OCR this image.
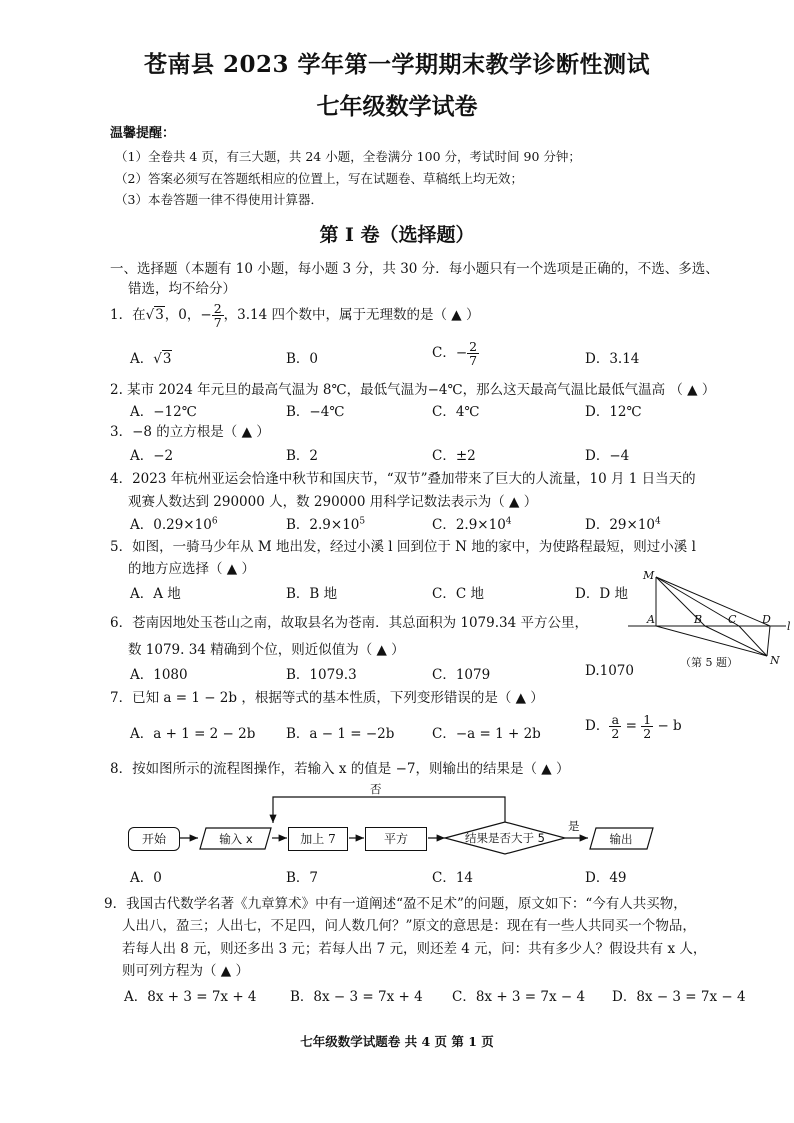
苍南县 2023 学年第一学期期末教学诊断性测试
七年级数学试卷
温馨提醒：
（1）全卷共 4 页，有三大题，共 24 小题，全卷满分 100 分，考试时间 90 分钟；
（2）答案必须写在答题纸相应的位置上，写在试题卷、草稿纸上均无效；
（3）本卷答题一律不得使用计算器．
第 Ⅰ 卷（选择题）
一、选择题（本题有 10 小题，每小题 3 分，共 30 分．每小题只有一个选项是正确的，不选、多选、
错选，均不给分）
1．在√3，0，− $\frac{2}{7}$ ，3.14 四个数中，属于无理数的是（ ▲ ）
A．√3	B．0	C．− $\frac{2}{7}$	D．3.14
2. 某市 2024 年元旦的最高气温为 8℃，最低气温为−4℃，那么这天最高气温比最低气温高 （ ▲ ）
A．−12℃	B．−4℃	C．4℃	D．12℃
3．−8 的立方根是（ ▲ ）
A．−2	B．2	C．±2	D．−4
4．2023 年杭州亚运会恰逢中秋节和国庆节，“双节”叠加带来了巨大的人流量，10 月 1 日当天的
观赛人数达到 290000 人，数 290000 用科学记数法表示为（ ▲ ）
A．$0.29\times 10^6$	B．$2.9\times 10^5$	C．$2.9\times 10^4$	D．$29\times 10^4$
5．如图，一骑马少年从 M 地出发，经过小溪 l 回到位于 N 地的家中，为使路程最短，则过小溪 l
的地方应选择（ ▲ ）
A．A 地	B．B 地	C．C 地	D．D 地
M
A	B C D
l
N
（第 5 题）
6．苍南因地处玉苍山之南，故取县名为苍南．其总面积为 1079.34 平方公里，
数 1079. 34 精确到个位，则近似值为（ ▲ ）
A．1080	B．1079.3	C．1079	D.1070
7．已知 a = 1 − 2b ，根据等式的基本性质，下列变形错误的是（ ▲ ）
A．a + 1 = 2 − 2b B．a − 1 = −2b	C．−a = 1 + 2b	D． $\frac{a}{2} = \frac{1}{2} - b$
8．按如图所示的流程图操作，若输入 x 的值是 −7，则输出的结果是（ ▲ ）
否
是
结果是否大于 5
输入 x	输出
开始	加上 7	平方
A．0	B．7	C．14	D．49
9．我国古代数学名著《九章算术》中有一道阐述“盈不足术”的问题，原文如下：“今有人共买物，
人出八，盈三；人出七，不足四，问人数几何？”原文的意思是：现在有一些人共同买一个物品，
若每人出 8 元，则还多出 3 元；若每人出 7 元，则还差 4 元，问：共有多少人？假设共有 x 人，
则可列方程为（ ▲ ）
A．8x + 3 = 7x + 4 B．8x − 3 = 7x + 4 C．8x + 3 = 7x − 4 D．8x − 3 = 7x − 4
七年级数学试题卷 共 4 页 第 1 页
